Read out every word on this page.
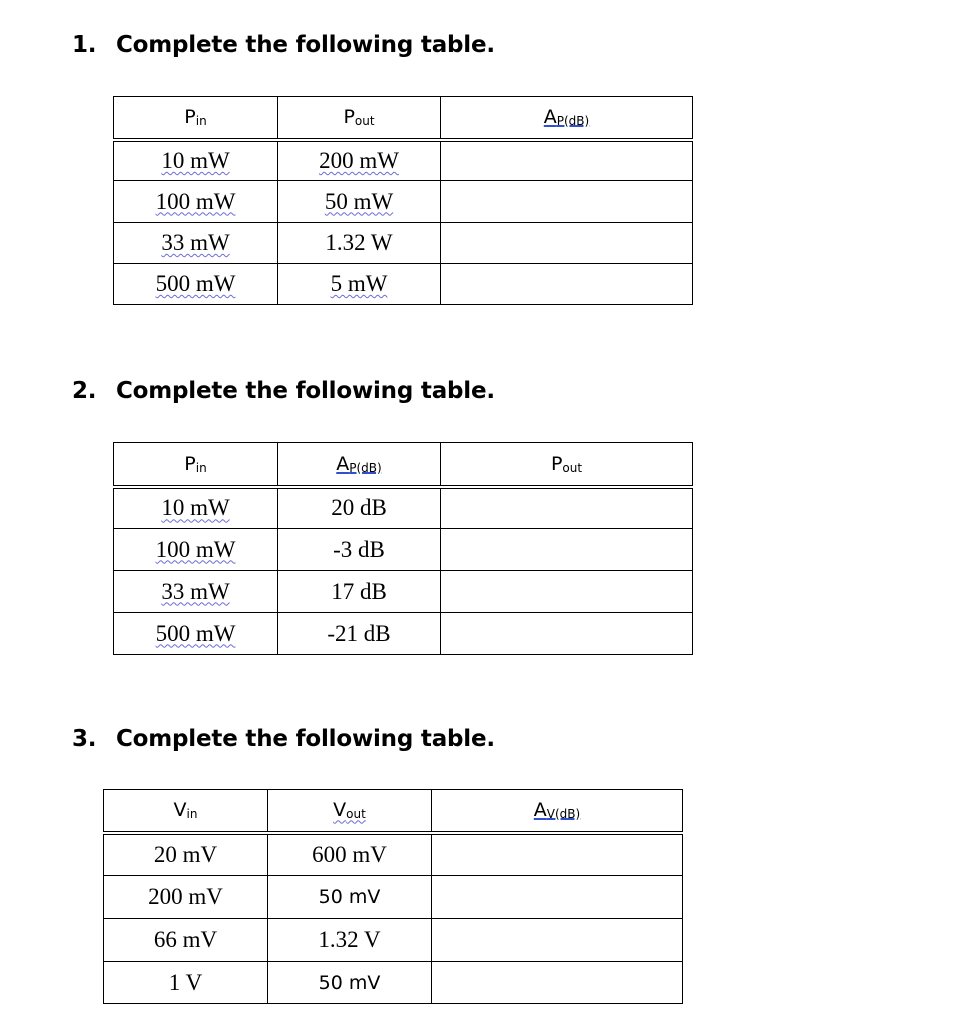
1. Complete the following table.
Pin	Pout	AP(dB)
10 mW	200 mW	
100 mW	50 mW	
33 mW	1.32 W	
500 mW	5 mW	
2. Complete the following table.
Pin	AP(dB)	Pout
10 mW	20 dB	
100 mW	-3 dB	
33 mW	17 dB	
500 mW	-21 dB	
3. Complete the following table.
Vin	Vout	AV(dB)
20 mV	600 mV	
200 mV	50 mV	
66 mV	1.32 V	
1 V	50 mV	
